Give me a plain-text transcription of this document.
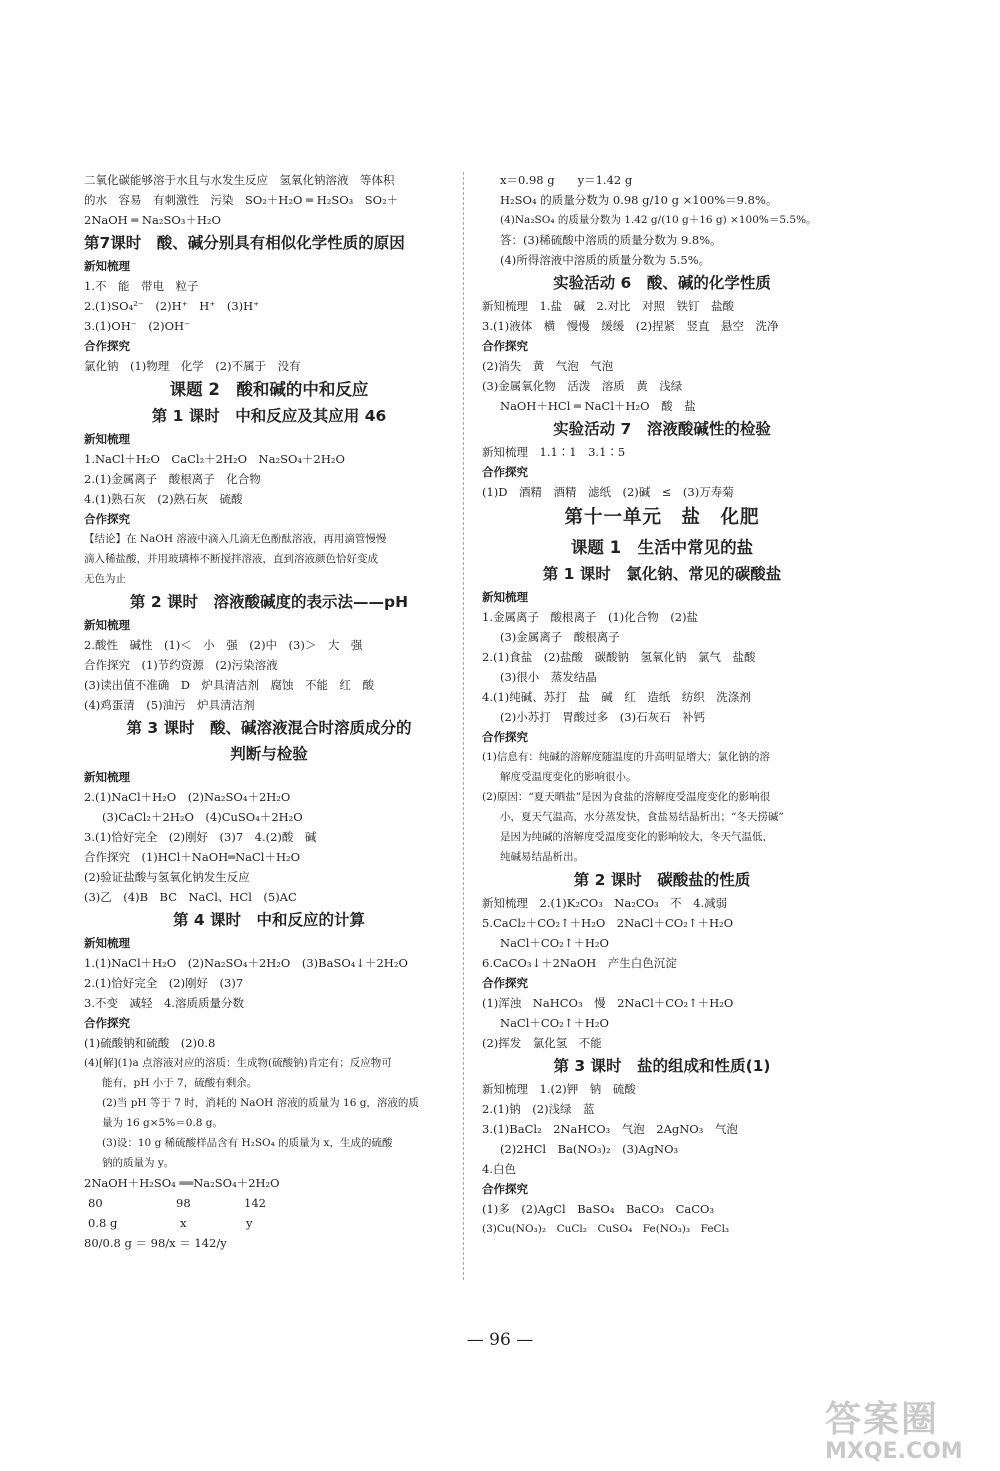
二氧化碳能够溶于水且与水发生反应　氢氧化钠溶液　等体积
的水　容易　有刺激性　污染　SO₂＋H₂O ═ H₂SO₃　SO₂＋
2NaOH ═ Na₂SO₃＋H₂O
第7课时　酸、碱分别具有相似化学性质的原因
新知梳理
1.不　能　带电　粒子
2.(1)SO₄²⁻　(2)H⁺　H⁺　(3)H⁺
3.(1)OH⁻　(2)OH⁻
合作探究
氯化钠　(1)物理　化学　(2)不属于　没有
课题 2　酸和碱的中和反应
第 1 课时　中和反应及其应用 46
新知梳理
1.NaCl＋H₂O　CaCl₂＋2H₂O　Na₂SO₄＋2H₂O
2.(1)金属离子　酸根离子　化合物
4.(1)熟石灰　(2)熟石灰　硫酸
合作探究
【结论】在 NaOH 溶液中滴入几滴无色酚酞溶液，再用滴管慢慢
滴入稀盐酸，并用玻璃棒不断搅拌溶液，直到溶液颜色恰好变成
无色为止
第 2 课时　溶液酸碱度的表示法——pH
新知梳理
2.酸性　碱性　(1)＜　小　强　(2)中　(3)＞　大　强
合作探究　(1)节约资源　(2)污染溶液
(3)读出值不准确　D　炉具清洁剂　腐蚀　不能　红　酸
(4)鸡蛋清　(5)油污　炉具清洁剂
第 3 课时　酸、碱溶液混合时溶质成分的
判断与检验
新知梳理
2.(1)NaCl＋H₂O　(2)Na₂SO₄＋2H₂O
(3)CaCl₂＋2H₂O　(4)CuSO₄＋2H₂O
3.(1)恰好完全　(2)刚好　(3)7　4.(2)酸　碱
合作探究　(1)HCl＋NaOH═NaCl＋H₂O
(2)验证盐酸与氢氧化钠发生反应
(3)乙　(4)B　BC　NaCl、HCl　(5)AC
第 4 课时　中和反应的计算
新知梳理
1.(1)NaCl＋H₂O　(2)Na₂SO₄＋2H₂O　(3)BaSO₄↓＋2H₂O
2.(1)恰好完全　(2)刚好　(3)7
3.不变　减轻　4.溶质质量分数
合作探究
(1)硫酸钠和硫酸　(2)0.8
(4)[解](1)a 点溶液对应的溶质：生成物(硫酸钠)肯定有；反应物可
能有，pH 小于 7，硫酸有剩余。
(2)当 pH 等于 7 时，消耗的 NaOH 溶液的质量为 16 g，溶液的质
量为 16 g×5%＝0.8 g。
(3)设：10 g 稀硫酸样品含有 H₂SO₄ 的质量为 x，生成的硫酸
钠的质量为 y。
2NaOH＋H₂SO₄ ══Na₂SO₄＋2H₂O
80	98	142
0.8 g	x	y
80/0.8 g ＝ 98/x ＝ 142/y
x＝0.98 g　　y＝1.42 g
H₂SO₄ 的质量分数为 0.98 g/10 g ×100%＝9.8%。
(4)Na₂SO₄ 的质量分数为 1.42 g/(10 g＋16 g) ×100%＝5.5%。
答：(3)稀硫酸中溶质的质量分数为 9.8%。
(4)所得溶液中溶质的质量分数为 5.5%。
实验活动 6　酸、碱的化学性质
新知梳理　1.盐　碱　2.对比　对照　铁钉　盐酸
3.(1)液体　横　慢慢　缓缓　(2)捏紧　竖直　悬空　洗净
合作探究
(2)消失　黄　气泡　气泡
(3)金属氧化物　活泼　溶质　黄　浅绿
NaOH＋HCl ═ NaCl＋H₂O　酸　盐
实验活动 7　溶液酸碱性的检验
新知梳理　1.1∶1　3.1∶5
合作探究
(1)D　酒精　酒精　滤纸　(2)碱　≤　(3)万寿菊
第十一单元　盐　化肥
课题 1　生活中常见的盐
第 1 课时　氯化钠、常见的碳酸盐
新知梳理
1.金属离子　酸根离子　(1)化合物　(2)盐
(3)金属离子　酸根离子
2.(1)食盐　(2)盐酸　碳酸钠　氢氧化钠　氯气　盐酸
(3)很小　蒸发结晶
4.(1)纯碱、苏打　盐　碱　红　造纸　纺织　洗涤剂
(2)小苏打　胃酸过多　(3)石灰石　补钙
合作探究
(1)信息有：纯碱的溶解度随温度的升高明显增大；氯化钠的溶
解度受温度变化的影响很小。
(2)原因：“夏天晒盐”是因为食盐的溶解度受温度变化的影响很
小，夏天气温高，水分蒸发快，食盐易结晶析出；“冬天捞碱”
是因为纯碱的溶解度受温度变化的影响较大，冬天气温低，
纯碱易结晶析出。
第 2 课时　碳酸盐的性质
新知梳理　2.(1)K₂CO₃　Na₂CO₃　不　4.减弱
5.CaCl₂＋CO₂↑＋H₂O　2NaCl＋CO₂↑＋H₂O
NaCl＋CO₂↑＋H₂O
6.CaCO₃↓＋2NaOH　产生白色沉淀
合作探究
(1)浑浊　NaHCO₃　慢　2NaCl＋CO₂↑＋H₂O
NaCl＋CO₂↑＋H₂O
(2)挥发　氯化氢　不能
第 3 课时　盐的组成和性质(1)
新知梳理　1.(2)钾　钠　硫酸
2.(1)钠　(2)浅绿　蓝
3.(1)BaCl₂　2NaHCO₃　气泡　2AgNO₃　气泡
(2)2HCl　Ba(NO₃)₂　(3)AgNO₃
4.白色
合作探究
(1)多　(2)AgCl　BaSO₄　BaCO₃　CaCO₃
(3)Cu(NO₃)₂　CuCl₂　CuSO₄　Fe(NO₃)₃　FeCl₃
— 96 —
答案圈
MXQE.COM
